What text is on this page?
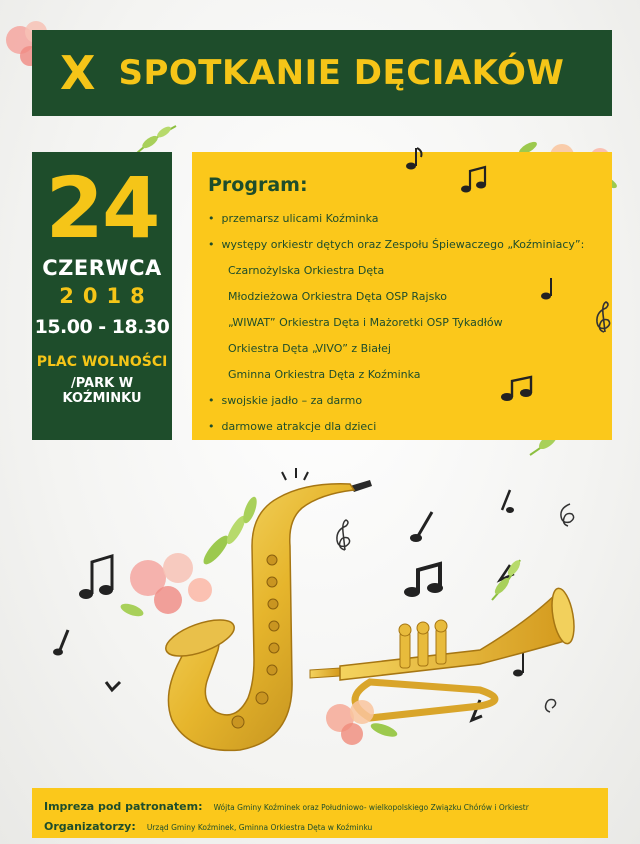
X SPOTKANIE DĘCIAKÓW
24
CZERWCA
2018
15.00 - 18.30
PLAC WOLNOŚCI
/PARK W KOŹMINKU
Program:
• przemarsz ulicami Koźminka
• występy orkiestr dętych oraz Zespołu Śpiewaczego „Koźminiacy”:
Czarnożylska Orkiestra Dęta
Młodzieżowa Orkiestra Dęta OSP Rajsko
„WIWAT” Orkiestra Dęta i Mażoretki OSP Tykadłów
Orkiestra Dęta „VIVO” z Białej
Gminna Orkiestra Dęta z Koźminka
• swojskie jadło – za darmo
• darmowe atrakcje dla dzieci
Impreza pod patronatem: Wójta Gminy Koźminek oraz Południowo- wielkopolskiego Związku Chórów i Orkiestr
Organizatorzy: Urząd Gminy Koźminek, Gminna Orkiestra Dęta w Koźminku
